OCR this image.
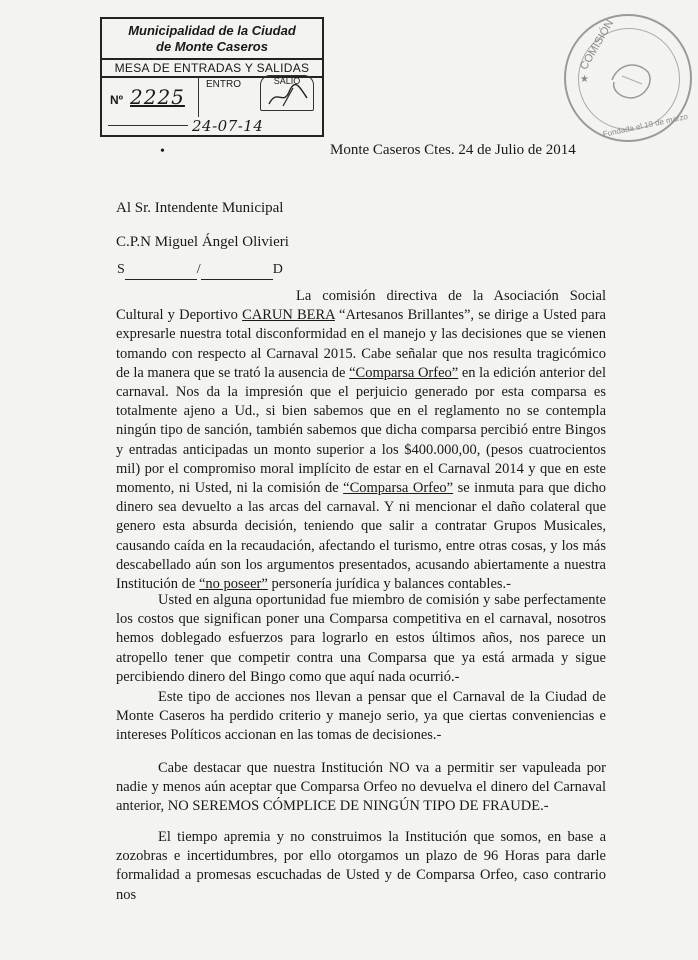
Municipalidad de la Ciudad
de Monte Caseros
MESA DE ENTRADAS Y SALIDAS
Nº 2225
ENTRO	SALIO
24-07-14
COMISIÓN
★
Fundada el 19 de marzo
•	Monte Caseros Ctes. 24 de Julio de 2014
Al Sr. Intendente Municipal
C.P.N Miguel Ángel Olivieri
S	/	D
La comisión directiva de la Asociación Social Cultural y Deportivo CARUN BERA “Artesanos Brillantes”, se dirige a Usted para expresarle nuestra total disconformidad en el manejo y las decisiones que se vienen tomando con respecto al Carnaval 2015. Cabe señalar que nos resulta tragicómico de la manera que se trató la ausencia de “Comparsa Orfeo” en la edición anterior del carnaval. Nos da la impresión que el perjuicio generado por esta comparsa es totalmente ajeno a Ud., si bien sabemos que en el reglamento no se contempla ningún tipo de sanción, también sabemos que dicha comparsa percibió entre Bingos y entradas anticipadas un monto superior a los $400.000,00, (pesos cuatrocientos mil) por el compromiso moral implícito de estar en el Carnaval 2014 y que en este momento, ni Usted, ni la comisión de “Comparsa Orfeo” se inmuta para que dicho dinero sea devuelto a las arcas del carnaval. Y ni mencionar el daño colateral que genero esta absurda decisión, teniendo que salir a contratar Grupos Musicales, causando caída en la recaudación, afectando el turismo, entre otras cosas, y los más descabellado aún son los argumentos presentados, acusando abiertamente a nuestra Institución de “no poseer” personería jurídica y balances contables.-
Usted en alguna oportunidad fue miembro de comisión y sabe perfectamente los costos que significan poner una Comparsa competitiva en el carnaval, nosotros hemos doblegado esfuerzos para lograrlo en estos últimos años, nos parece un atropello tener que competir contra una Comparsa que ya está armada y sigue percibiendo dinero del Bingo como que aquí nada ocurrió.-
Este tipo de acciones nos llevan a pensar que el Carnaval de la Ciudad de Monte Caseros ha perdido criterio y manejo serio, ya que ciertas conveniencias e intereses Políticos accionan en las tomas de decisiones.-
Cabe destacar que nuestra Institución NO va a permitir ser vapuleada por nadie y menos aún aceptar que Comparsa Orfeo no devuelva el dinero del Carnaval anterior, NO SEREMOS CÓMPLICE DE NINGÚN TIPO DE FRAUDE.-
El tiempo apremia y no construimos la Institución que somos, en base a zozobras e incertidumbres, por ello otorgamos un plazo de 96 Horas para darle formalidad a promesas escuchadas de Usted y de Comparsa Orfeo, caso contrario nos
